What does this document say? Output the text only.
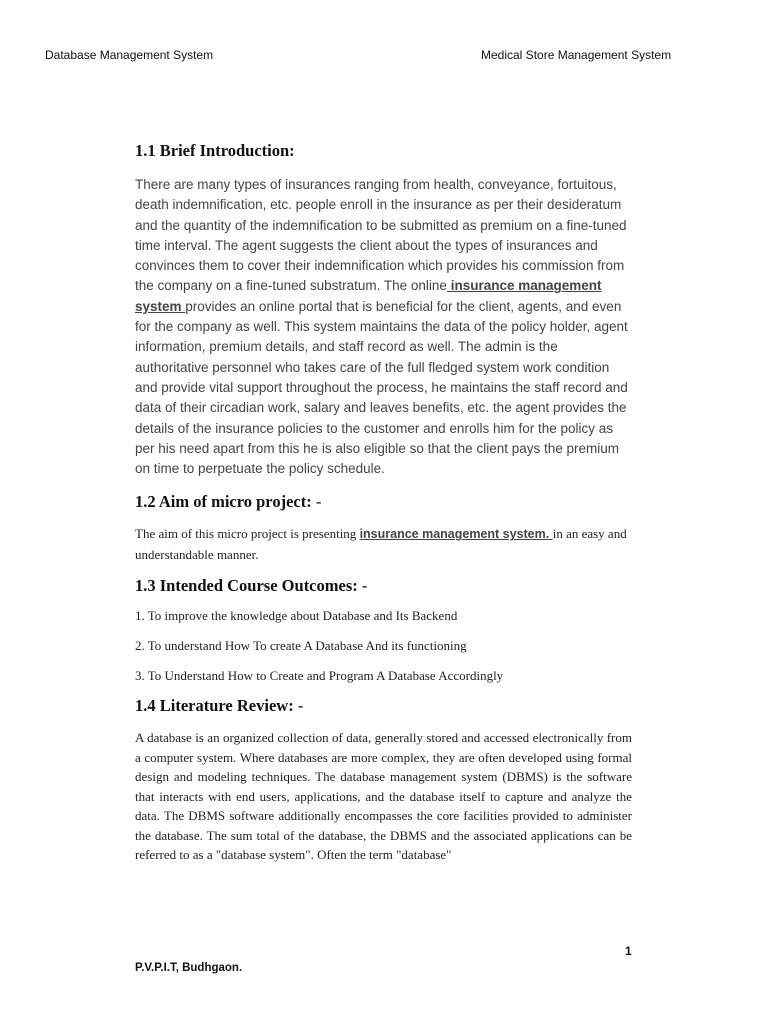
Database Management System	Medical Store Management System
1.1 Brief Introduction:

There are many types of insurances ranging from health, conveyance, fortuitous, death indemnification, etc. people enroll in the insurance as per their desideratum and the quantity of the indemnification to be submitted as premium on a fine-tuned time interval. The agent suggests the client about the types of insurances and convinces them to cover their indemnification which provides his commission from the company on a fine-tuned substratum. The online insurance management system provides an online portal that is beneficial for the client, agents, and even for the company as well. This system maintains the data of the policy holder, agent information, premium details, and staff record as well. The admin is the authoritative personnel who takes care of the full fledged system work condition and provide vital support throughout the process, he maintains the staff record and data of their circadian work, salary and leaves benefits, etc. the agent provides the details of the insurance policies to the customer and enrolls him for the policy as per his need apart from this he is also eligible so that the client pays the premium on time to perpetuate the policy schedule.

1.2 Aim of micro project: -

The aim of this micro project is presenting insurance management system. in an easy and understandable manner.

1.3 Intended Course Outcomes: -

1. To improve the knowledge about Database and Its Backend

2. To understand How To create A Database And its functioning

3. To Understand How to Create and Program A Database Accordingly

1.4 Literature Review: -

A database is an organized collection of data, generally stored and accessed electronically from a computer system. Where databases are more complex, they are often developed using formal design and modeling techniques. The database management system (DBMS) is the software that interacts with end users, applications, and the database itself to capture and analyze the data. The DBMS software additionally encompasses the core facilities provided to administer the database. The sum total of the database, the DBMS and the associated applications can be referred to as a "database system". Often the term "database"

1
P.V.P.I.T, Budhgaon.
